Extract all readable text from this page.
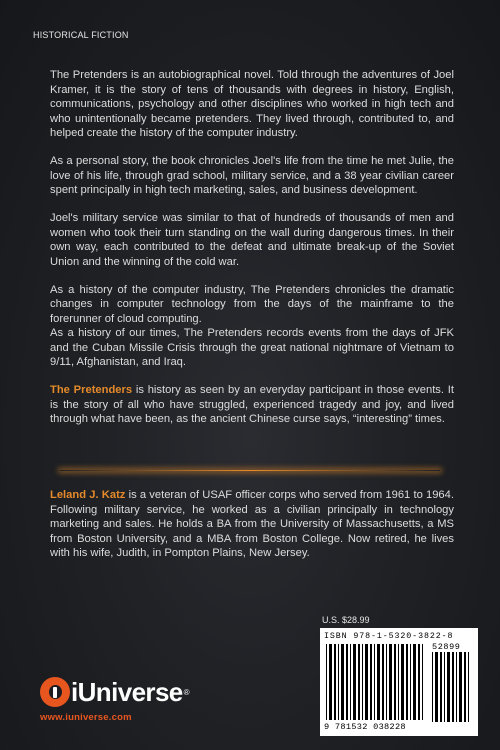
HISTORICAL FICTION

The Pretenders is an autobiographical novel. Told through the adventures of Joel Kramer, it is the story of tens of thousands with degrees in history, English, communications, psychology and other disciplines who worked in high tech and who unintentionally became pretenders. They lived through, contributed to, and helped create the history of the computer industry.

As a personal story, the book chronicles Joel's life from the time he met Julie, the love of his life, through grad school, military service, and a 38 year civilian career spent principally in high tech marketing, sales, and business development.

Joel's military service was similar to that of hundreds of thousands of men and women who took their turn standing on the wall during dangerous times. In their own way, each contributed to the defeat and ultimate break-up of the Soviet Union and the winning of the cold war.

As a history of the computer industry, The Pretenders chronicles the dramatic changes in computer technology from the days of the mainframe to the forerunner of cloud computing.

As a history of our times, The Pretenders records events from the days of JFK and the Cuban Missile Crisis through the great national nightmare of Vietnam to 9/11, Afghanistan, and Iraq.

The Pretenders is history as seen by an everyday participant in those events. It is the story of all who have struggled, experienced tragedy and joy, and lived through what have been, as the ancient Chinese curse says, “interesting” times.

Leland J. Katz is a veteran of USAF officer corps who served from 1961 to 1964. Following military service, he worked as a civilian principally in technology marketing and sales. He holds a BA from the University of Massachusetts, a MS from Boston University, and a MBA from Boston College. Now retired, he lives with his wife, Judith, in Pompton Plains, New Jersey.

U.S. $28.99
ISBN 978-1-5320-3822-8
52899
9 781532 038228
iUniverse ®
www.iuniverse.com
